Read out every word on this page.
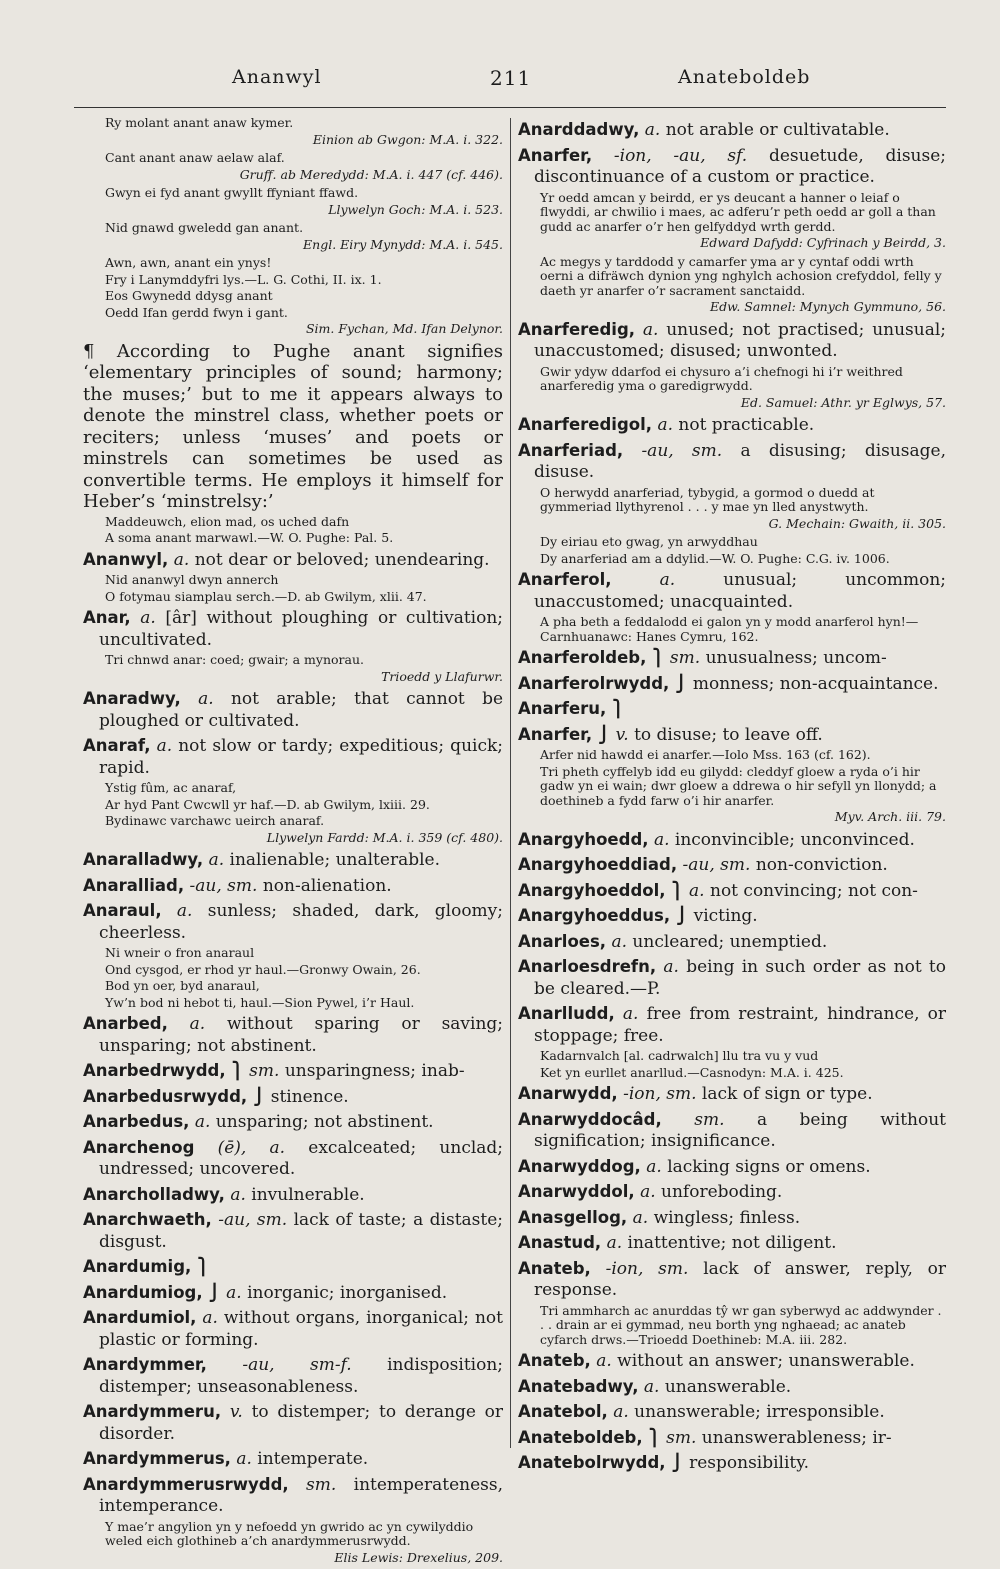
Ananwyl	211	Anateboldeb
Ry molant anant anaw kymer.
Einion ab Gwgon: M.A. i. 322.
Cant anant anaw aelaw alaf.
Gruff. ab Meredydd: M.A. i. 447 (cf. 446).
Gwyn ei fyd anant gwyllt ffyniant ffawd.
Llywelyn Goch: M.A. i. 523.
Nid gnawd gweledd gan anant.
Engl. Eiry Mynydd: M.A. i. 545.
Awn, awn, anant ein ynys!
Fry i Lanymddyfri lys.—L. G. Cothi, II. ix. 1.
Eos Gwynedd ddysg anant
Oedd Ifan gerdd fwyn i gant.
Sim. Fychan, Md. Ifan Delynor.
¶ According to Pughe anant signifies ‘elementary principles of sound; harmony; the muses;’ but to me it appears always to denote the minstrel class, whether poets or reciters; unless ‘muses’ and poets or minstrels can sometimes be used as convertible terms. He employs it himself for Heber’s ‘minstrelsy:’
Maddeuwch, elion mad, os uched dafn
A soma anant marwawl.—W. O. Pughe: Pal. 5.
Ananwyl, a. not dear or beloved; unendearing.
Nid ananwyl dwyn annerch
O fotymau siamplau serch.—D. ab Gwilym, xlii. 47.
Anar, a. [âr] without ploughing or cultivation; uncultivated.
Tri chnwd anar: coed; gwair; a mynorau.
Trioedd y Llafurwr.
Anaradwy, a. not arable; that cannot be ploughed or cultivated.
Anaraf, a. not slow or tardy; expeditious; quick; rapid.
Ystig fûm, ac anaraf,
Ar hyd Pant Cwcwll yr haf.—D. ab Gwilym, lxiii. 29.
Bydinawc varchawc ueirch anaraf.
Llywelyn Fardd: M.A. i. 359 (cf. 480).
Anaralladwy, a. inalienable; unalterable.
Anaralliad, -au, sm. non-alienation.
Anaraul, a. sunless; shaded, dark, gloomy; cheerless.
Ni wneir o fron anaraul
Ond cysgod, er rhod yr haul.—Gronwy Owain, 26.
Bod yn oer, byd anaraul,
Yw’n bod ni hebot ti, haul.—Sion Pywel, i’r Haul.
Anarbed, a. without sparing or saving; unsparing; not abstinent.
Anarbedrwydd, ⎫ sm. unsparingness; inab-
Anarbedusrwydd, ⎭ stinence.
Anarbedus, a. unsparing; not abstinent.
Anarchenog (ē), a. excalceated; unclad; undressed; uncovered.
Anarcholladwy, a. invulnerable.
Anarchwaeth, -au, sm. lack of taste; a distaste; disgust.
Anardumig, ⎫
Anardumiog, ⎭ a. inorganic; inorganised.
Anardumiol, a. without organs, inorganical; not plastic or forming.
Anardymmer, -au, sm-f. indisposition; distemper; unseasonableness.
Anardymmeru, v. to distemper; to derange or disorder.
Anardymmerus, a. intemperate.
Anardymmerusrwydd, sm. intemperateness, intemperance.
Y mae’r angylion yn y nefoedd yn gwrido ac yn cywilyddio weled eich glothineb a’ch anardymmerusrwydd.
Elis Lewis: Drexelius, 209.
Anarddadwy, a. not arable or cultivatable.
Anarfer, -ion, -au, sf. desuetude, disuse; discontinuance of a custom or practice.
Yr oedd amcan y beirdd, er ys deucant a hanner o leiaf o flwyddi, ar chwilio i maes, ac adferu’r peth oedd ar goll a than gudd ac anarfer o’r hen gelfyddyd wrth gerdd.
Edward Dafydd: Cyfrinach y Beirdd, 3.
Ac megys y tarddodd y camarfer yma ar y cyntaf oddi wrth oerni a difräwch dynion yng nghylch achosion crefyddol, felly y daeth yr anarfer o’r sacrament sanctaidd.
Edw. Samnel: Mynych Gymmuno, 56.
Anarferedig, a. unused; not practised; unusual; unaccustomed; disused; unwonted.
Gwir ydyw ddarfod ei chysuro a’i chefnogi hi i’r weithred anarferedig yma o garedigrwydd.
Ed. Samuel: Athr. yr Eglwys, 57.
Anarferedigol, a. not practicable.
Anarferiad, -au, sm. a disusing; disusage, disuse.
O herwydd anarferiad, tybygid, a gormod o duedd at gymmeriad llythyrenol . . . y mae yn lled anystwyth.
G. Mechain: Gwaith, ii. 305.
Dy eiriau eto gwag, yn arwyddhau
Dy anarferiad am a ddylid.—W. O. Pughe: C.G. iv. 1006.
Anarferol,	a.	unusual; uncommon; unaccustomed; unacquainted.
A pha beth a feddalodd ei galon yn y modd anarferol hyn!—Carnhuanawc: Hanes Cymru, 162.
Anarferoldeb, ⎫ sm. unusualness; uncom-
Anarferolrwydd, ⎭ monness; non-acquaintance.
Anarferu, ⎫
Anarfer, ⎭ v. to disuse; to leave off.
Arfer nid hawdd ei anarfer.—Iolo Mss. 163 (cf. 162).
Tri pheth cyffelyb idd eu gilydd: cleddyf gloew a ryda o’i hir gadw yn ei wain; dwr gloew a ddrewa o hir sefyll yn llonydd; a doethineb a fydd farw o’i hir anarfer.
Myv. Arch. iii. 79.
Anargyhoedd, a. inconvincible; unconvinced.
Anargyhoeddiad, -au, sm. non-conviction.
Anargyhoeddol, ⎫ a. not convincing; not con-
Anargyhoeddus, ⎭ victing.
Anarloes, a. uncleared; unemptied.
Anarloesdrefn, a. being in such order as not to be cleared.—P.
Anarlludd, a. free from restraint, hindrance, or stoppage; free.
Kadarnvalch [al. cadrwalch] llu tra vu y vud
Ket yn eurllet anarllud.—Casnodyn: M.A. i. 425.
Anarwydd, -ion, sm. lack of sign or type.
Anarwyddocâd, sm. a being without signification; insignificance.
Anarwyddog, a. lacking signs or omens.
Anarwyddol, a. unforeboding.
Anasgellog, a. wingless; finless.
Anastud, a. inattentive; not diligent.
Anateb, -ion, sm. lack of answer, reply, or response.
Tri ammharch ac anurddas tŷ wr gan syberwyd ac addwynder . . . drain ar ei gymmad, neu borth yng nghaead; ac anateb cyfarch drws.—Trioedd Doethineb: M.A. iii. 282.
Anateb, a. without an answer; unanswerable.
Anatebadwy, a. unanswerable.
Anatebol, a. unanswerable; irresponsible.
Anateboldeb, ⎫ sm. unanswerableness; ir-
Anatebolrwydd, ⎭ responsibility.
